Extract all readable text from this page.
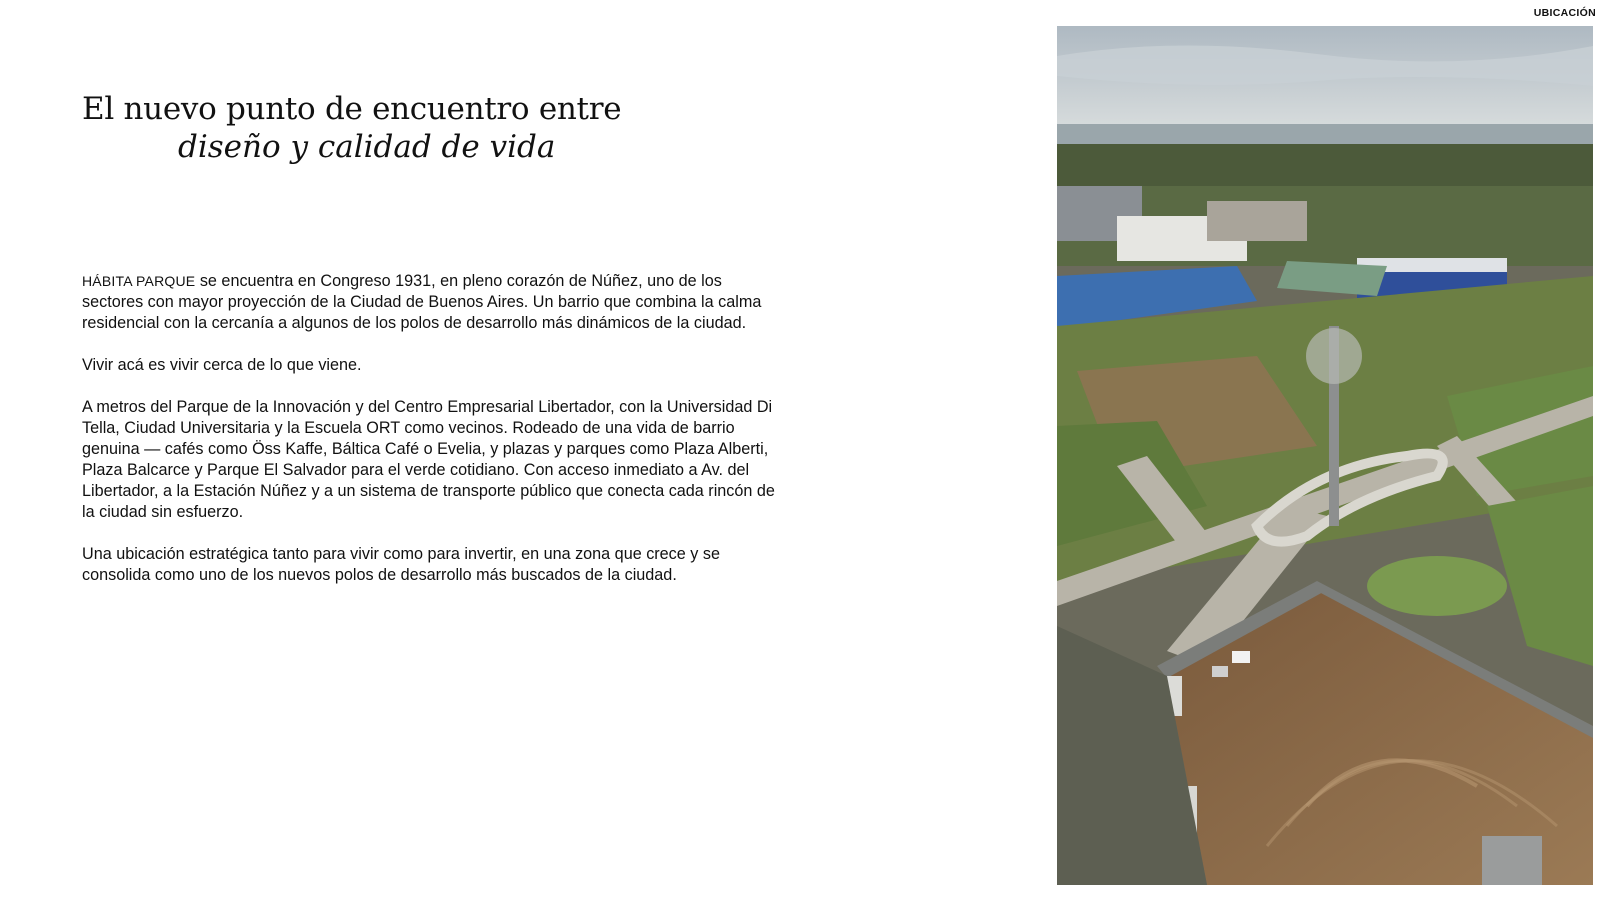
UBICACIÓN
El nuevo punto de encuentro entre
diseño y calidad de vida

HÁBITA PARQUE se encuentra en Congreso 1931, en pleno corazón de Núñez, uno de los sectores con mayor proyección de la Ciudad de Buenos Aires. Un barrio que combina la calma residencial con la cercanía a algunos de los polos de desarrollo más dinámicos de la ciudad.

Vivir acá es vivir cerca de lo que viene.

A metros del Parque de la Innovación y del Centro Empresarial Libertador, con la Universidad Di Tella, Ciudad Universitaria y la Escuela ORT como vecinos. Rodeado de una vida de barrio genuina — cafés como Öss Kaffe, Báltica Café o Evelia, y plazas y parques como Plaza Alberti, Plaza Balcarce y Parque El Salvador para el verde cotidiano. Con acceso inmediato a Av. del Libertador, a la Estación Núñez y a un sistema de transporte público que conecta cada rincón de la ciudad sin esfuerzo.

Una ubicación estratégica tanto para vivir como para invertir, en una zona que crece y se consolida como uno de los nuevos polos de desarrollo más buscados de la ciudad.
